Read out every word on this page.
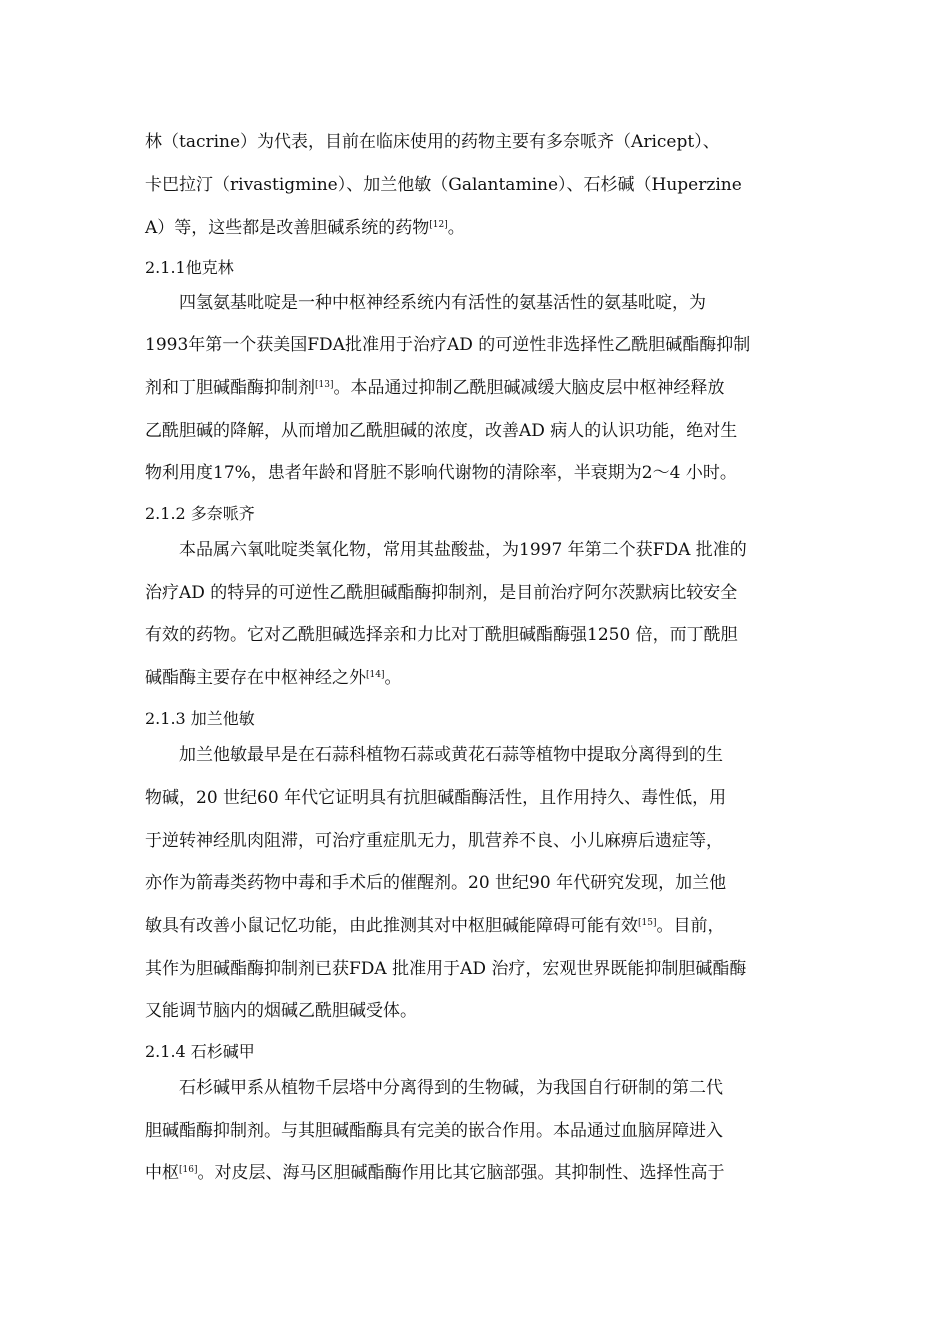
林（tacrine）为代表，目前在临床使用的药物主要有多奈哌齐（Aricept）、
卡巴拉汀（rivastigmine）、加兰他敏（Galantamine）、石杉碱（Huperzine
A）等，这些都是改善胆碱系统的药物[12]。
2.1.1他克林
四氢氨基吡啶是一种中枢神经系统内有活性的氨基活性的氨基吡啶，为
1993年第一个获美国FDA批准用于治疗AD 的可逆性非选择性乙酰胆碱酯酶抑制
剂和丁胆碱酯酶抑制剂[13]。本品通过抑制乙酰胆碱减缓大脑皮层中枢神经释放
乙酰胆碱的降解，从而增加乙酰胆碱的浓度，改善AD 病人的认识功能，绝对生
物利用度17%，患者年龄和肾脏不影响代谢物的清除率，半衰期为2～4 小时。
2.1.2 多奈哌齐
本品属六氧吡啶类氧化物，常用其盐酸盐，为1997 年第二个获FDA 批准的
治疗AD 的特异的可逆性乙酰胆碱酯酶抑制剂，是目前治疗阿尔茨默病比较安全
有效的药物。它对乙酰胆碱选择亲和力比对丁酰胆碱酯酶强1250 倍，而丁酰胆
碱酯酶主要存在中枢神经之外[14]。
2.1.3 加兰他敏
加兰他敏最早是在石蒜科植物石蒜或黄花石蒜等植物中提取分离得到的生
物碱，20 世纪60 年代它证明具有抗胆碱酯酶活性，且作用持久、毒性低，用
于逆转神经肌肉阻滞，可治疗重症肌无力，肌营养不良、小儿麻痹后遗症等，
亦作为箭毒类药物中毒和手术后的催醒剂。20 世纪90 年代研究发现，加兰他
敏具有改善小鼠记忆功能，由此推测其对中枢胆碱能障碍可能有效[15]。目前，
其作为胆碱酯酶抑制剂已获FDA 批准用于AD 治疗，宏观世界既能抑制胆碱酯酶
又能调节脑内的烟碱乙酰胆碱受体。
2.1.4 石杉碱甲
石杉碱甲系从植物千层塔中分离得到的生物碱，为我国自行研制的第二代
胆碱酯酶抑制剂。与其胆碱酯酶具有完美的嵌合作用。本品通过血脑屏障进入
中枢[16]。对皮层、海马区胆碱酯酶作用比其它脑部强。其抑制性、选择性高于
